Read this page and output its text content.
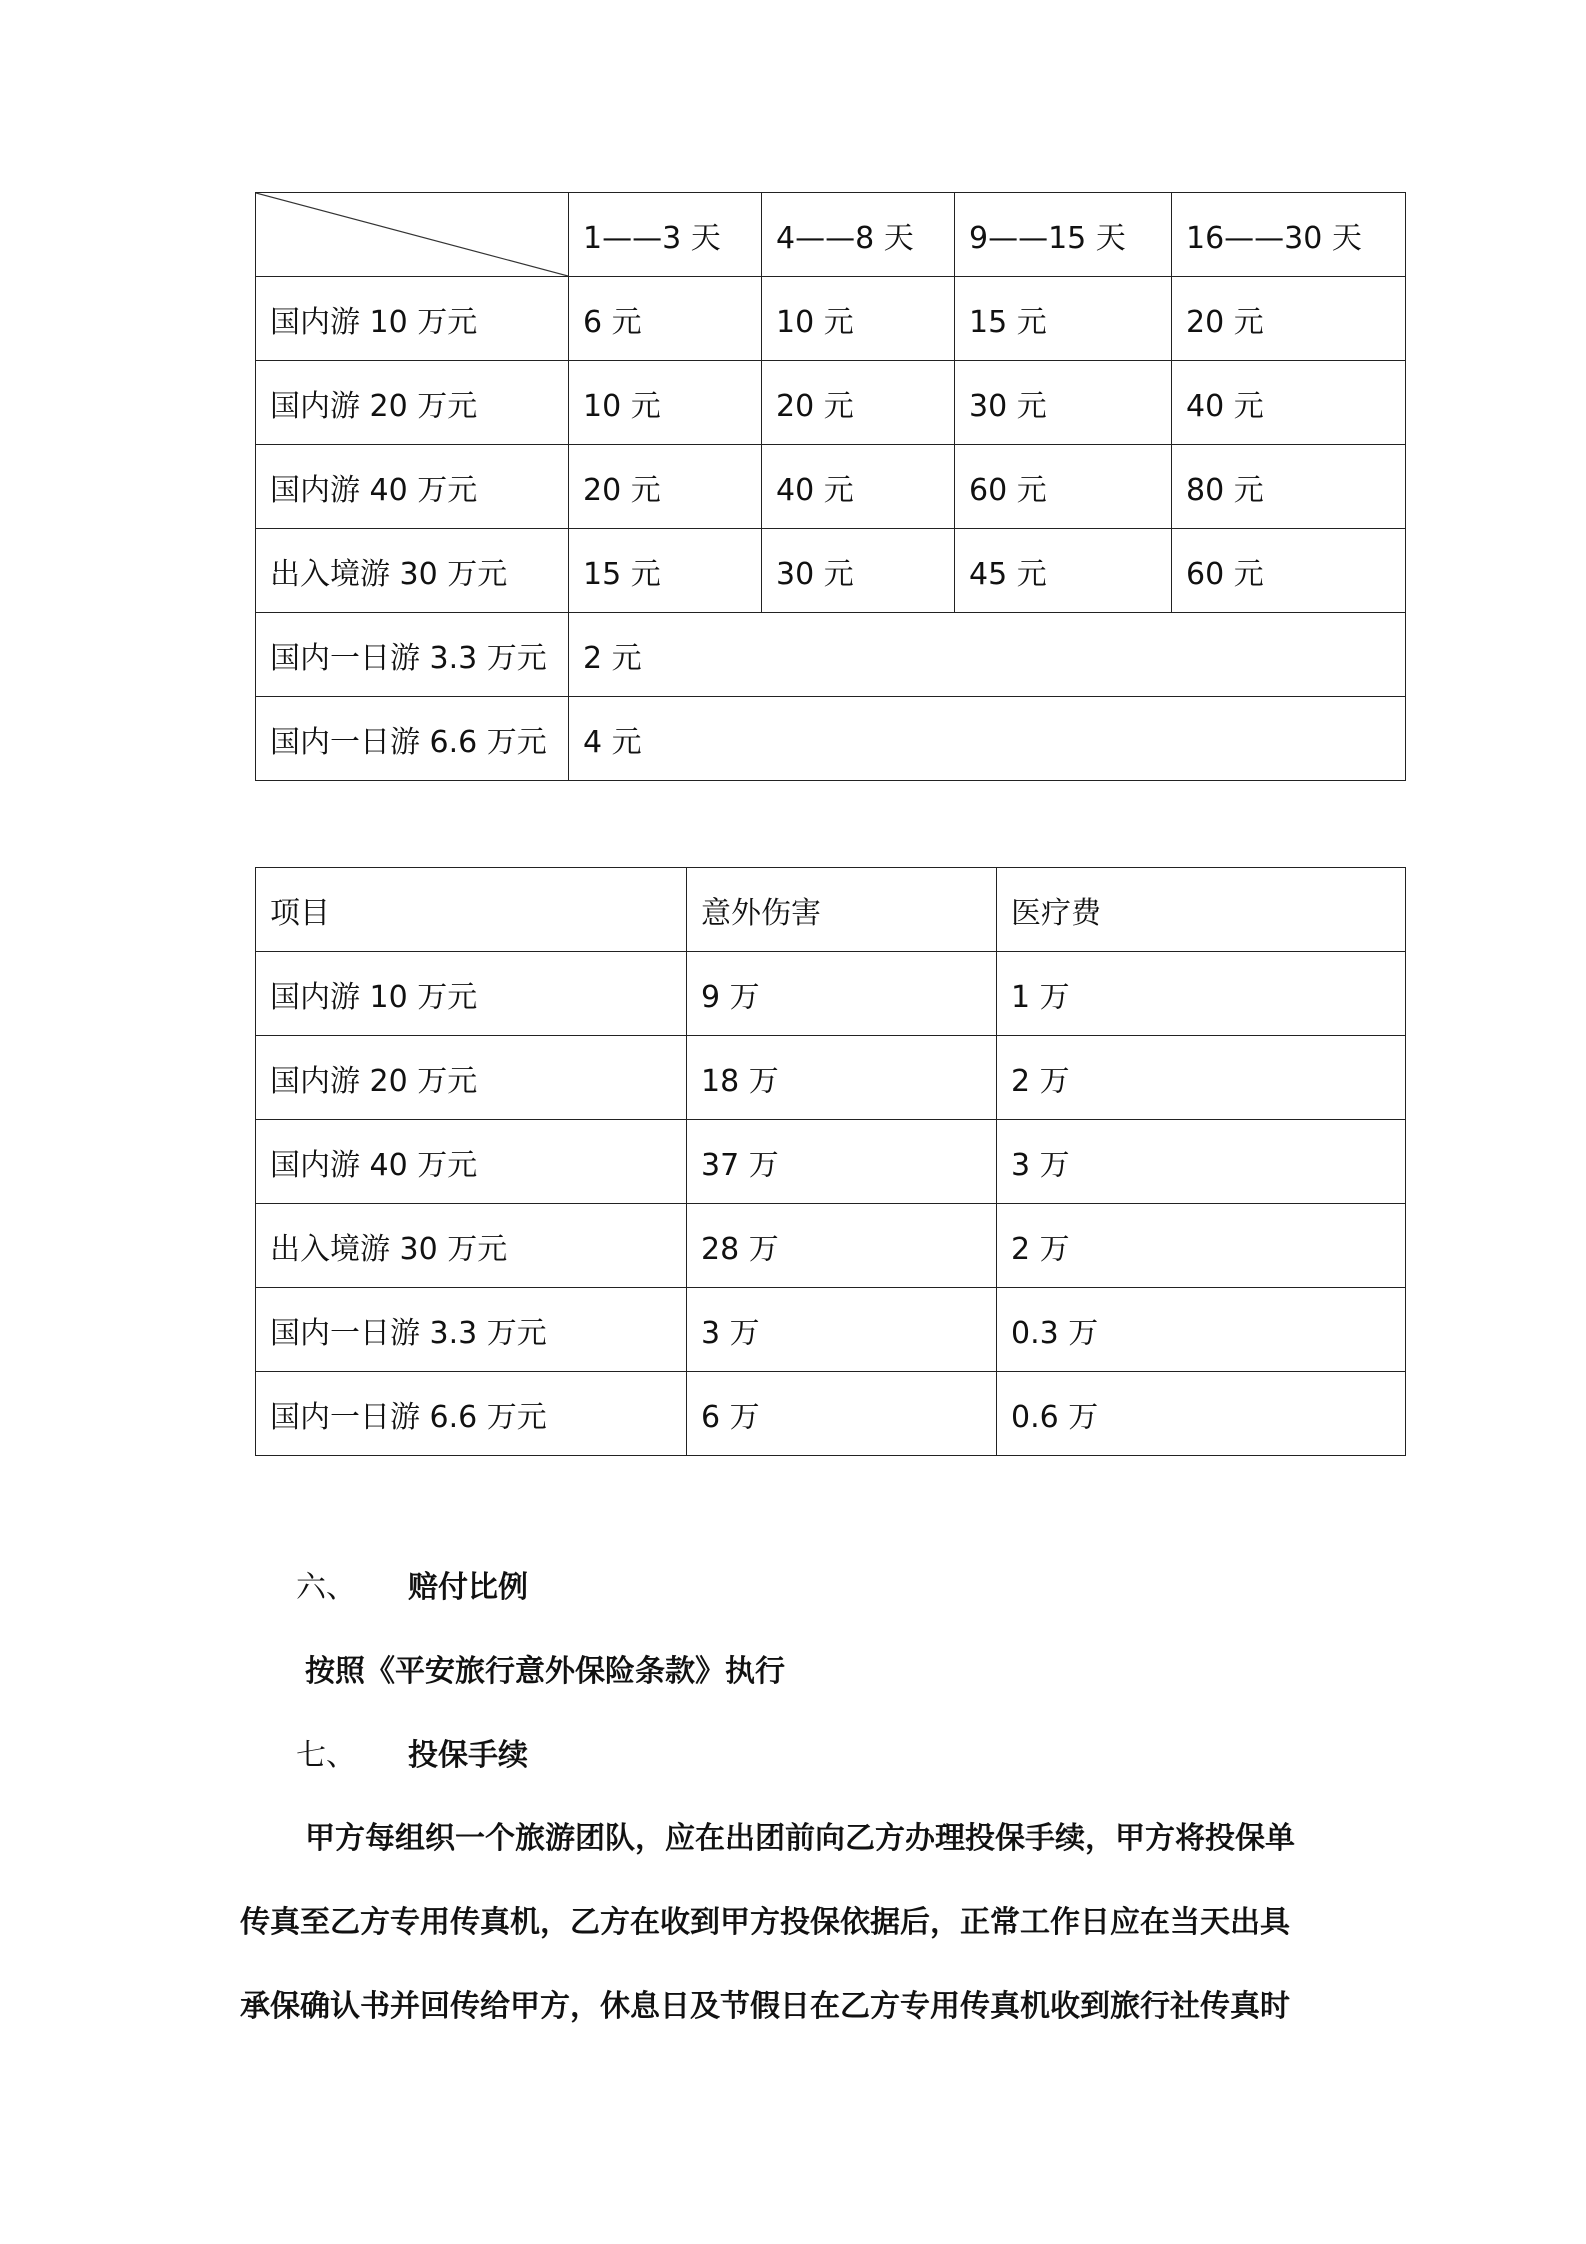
	1——3 天	4——8 天	9——15 天	16——30 天
国内游 10 万元	6 元	10 元	15 元	20 元
国内游 20 万元	10 元	20 元	30 元	40 元
国内游 40 万元	20 元	40 元	60 元	80 元
出入境游 30 万元	15 元	30 元	45 元	60 元
国内一日游 3.3 万元	2 元			
国内一日游 6.6 万元	4 元			
项目	意外伤害	医疗费
国内游 10 万元	9 万	1 万
国内游 20 万元	18 万	2 万
国内游 40 万元	37 万	3 万
出入境游 30 万元	28 万	2 万
国内一日游 3.3 万元	3 万	0.3 万
国内一日游 6.6 万元	6 万	0.6 万
六、 赔付比例
按照《平安旅行意外保险条款》执行
七、 投保手续
甲方每组织一个旅游团队，应在出团前向乙方办理投保手续，甲方将投保单
传真至乙方专用传真机，乙方在收到甲方投保依据后，正常工作日应在当天出具
承保确认书并回传给甲方，休息日及节假日在乙方专用传真机收到旅行社传真时
